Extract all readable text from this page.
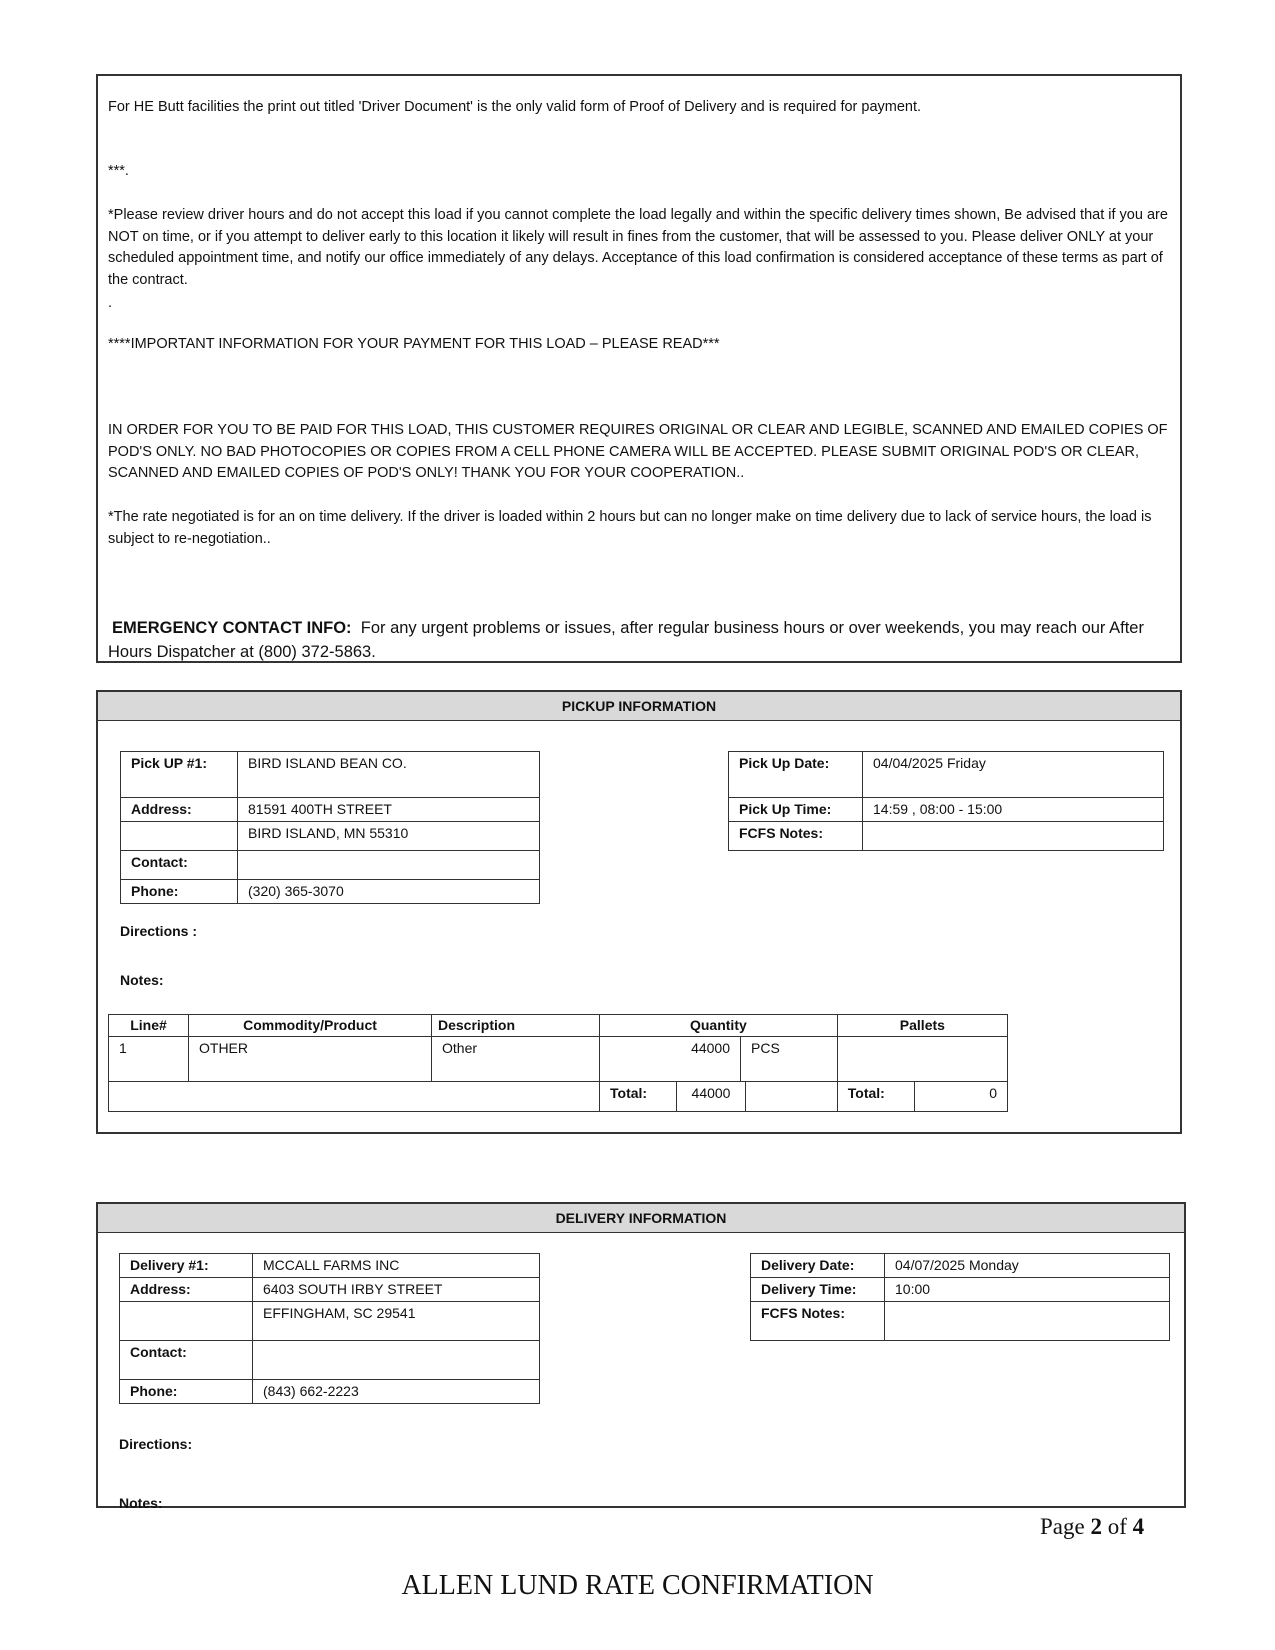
For HE Butt facilities the print out titled 'Driver Document' is the only valid form of Proof of Delivery and is required for payment.

***.

*Please review driver hours and do not accept this load if you cannot complete the load legally and within the specific delivery times shown, Be advised that if you are NOT on time, or if you attempt to deliver early to this location it likely will result in fines from the customer, that will be assessed to you. Please deliver ONLY at your scheduled appointment time, and notify our office immediately of any delays. Acceptance of this load confirmation is considered acceptance of these terms as part of the contract.

.

****IMPORTANT INFORMATION FOR YOUR PAYMENT FOR THIS LOAD – PLEASE READ***

IN ORDER FOR YOU TO BE PAID FOR THIS LOAD, THIS CUSTOMER REQUIRES ORIGINAL OR CLEAR AND LEGIBLE, SCANNED AND EMAILED COPIES OF POD'S ONLY. NO BAD PHOTOCOPIES OR COPIES FROM A CELL PHONE CAMERA WILL BE ACCEPTED. PLEASE SUBMIT ORIGINAL POD'S OR CLEAR, SCANNED AND EMAILED COPIES OF POD'S ONLY! THANK YOU FOR YOUR COOPERATION..

*The rate negotiated is for an on time delivery. If the driver is loaded within 2 hours but can no longer make on time delivery due to lack of service hours, the load is subject to re-negotiation..

EMERGENCY CONTACT INFO: For any urgent problems or issues, after regular business hours or over weekends, you may reach our After Hours Dispatcher at (800) 372-5863.
PICKUP INFORMATION
Pick UP #1:	BIRD ISLAND BEAN CO.
Address:	81591 400TH STREET
	BIRD ISLAND, MN 55310
Contact:	
Phone:	(320) 365-3070
Pick Up Date:	04/04/2025 Friday
Pick Up Time:	14:59 , 08:00 - 15:00
FCFS Notes:	
Directions :
Notes:
Line#	Commodity/Product	Description	Quantity		Pallets	
1	OTHER	Other	44000 PCS			

			Total:	44000	Total:	0
DELIVERY INFORMATION
Delivery #1:	MCCALL FARMS INC
Address:	6403 SOUTH IRBY STREET
	EFFINGHAM, SC 29541
Contact:	
Phone:	(843) 662-2223
Delivery Date:	04/07/2025 Monday
Delivery Time:	10:00
FCFS Notes:	
Directions:
Notes:
Page 2 of 4
ALLEN LUND RATE CONFIRMATION
